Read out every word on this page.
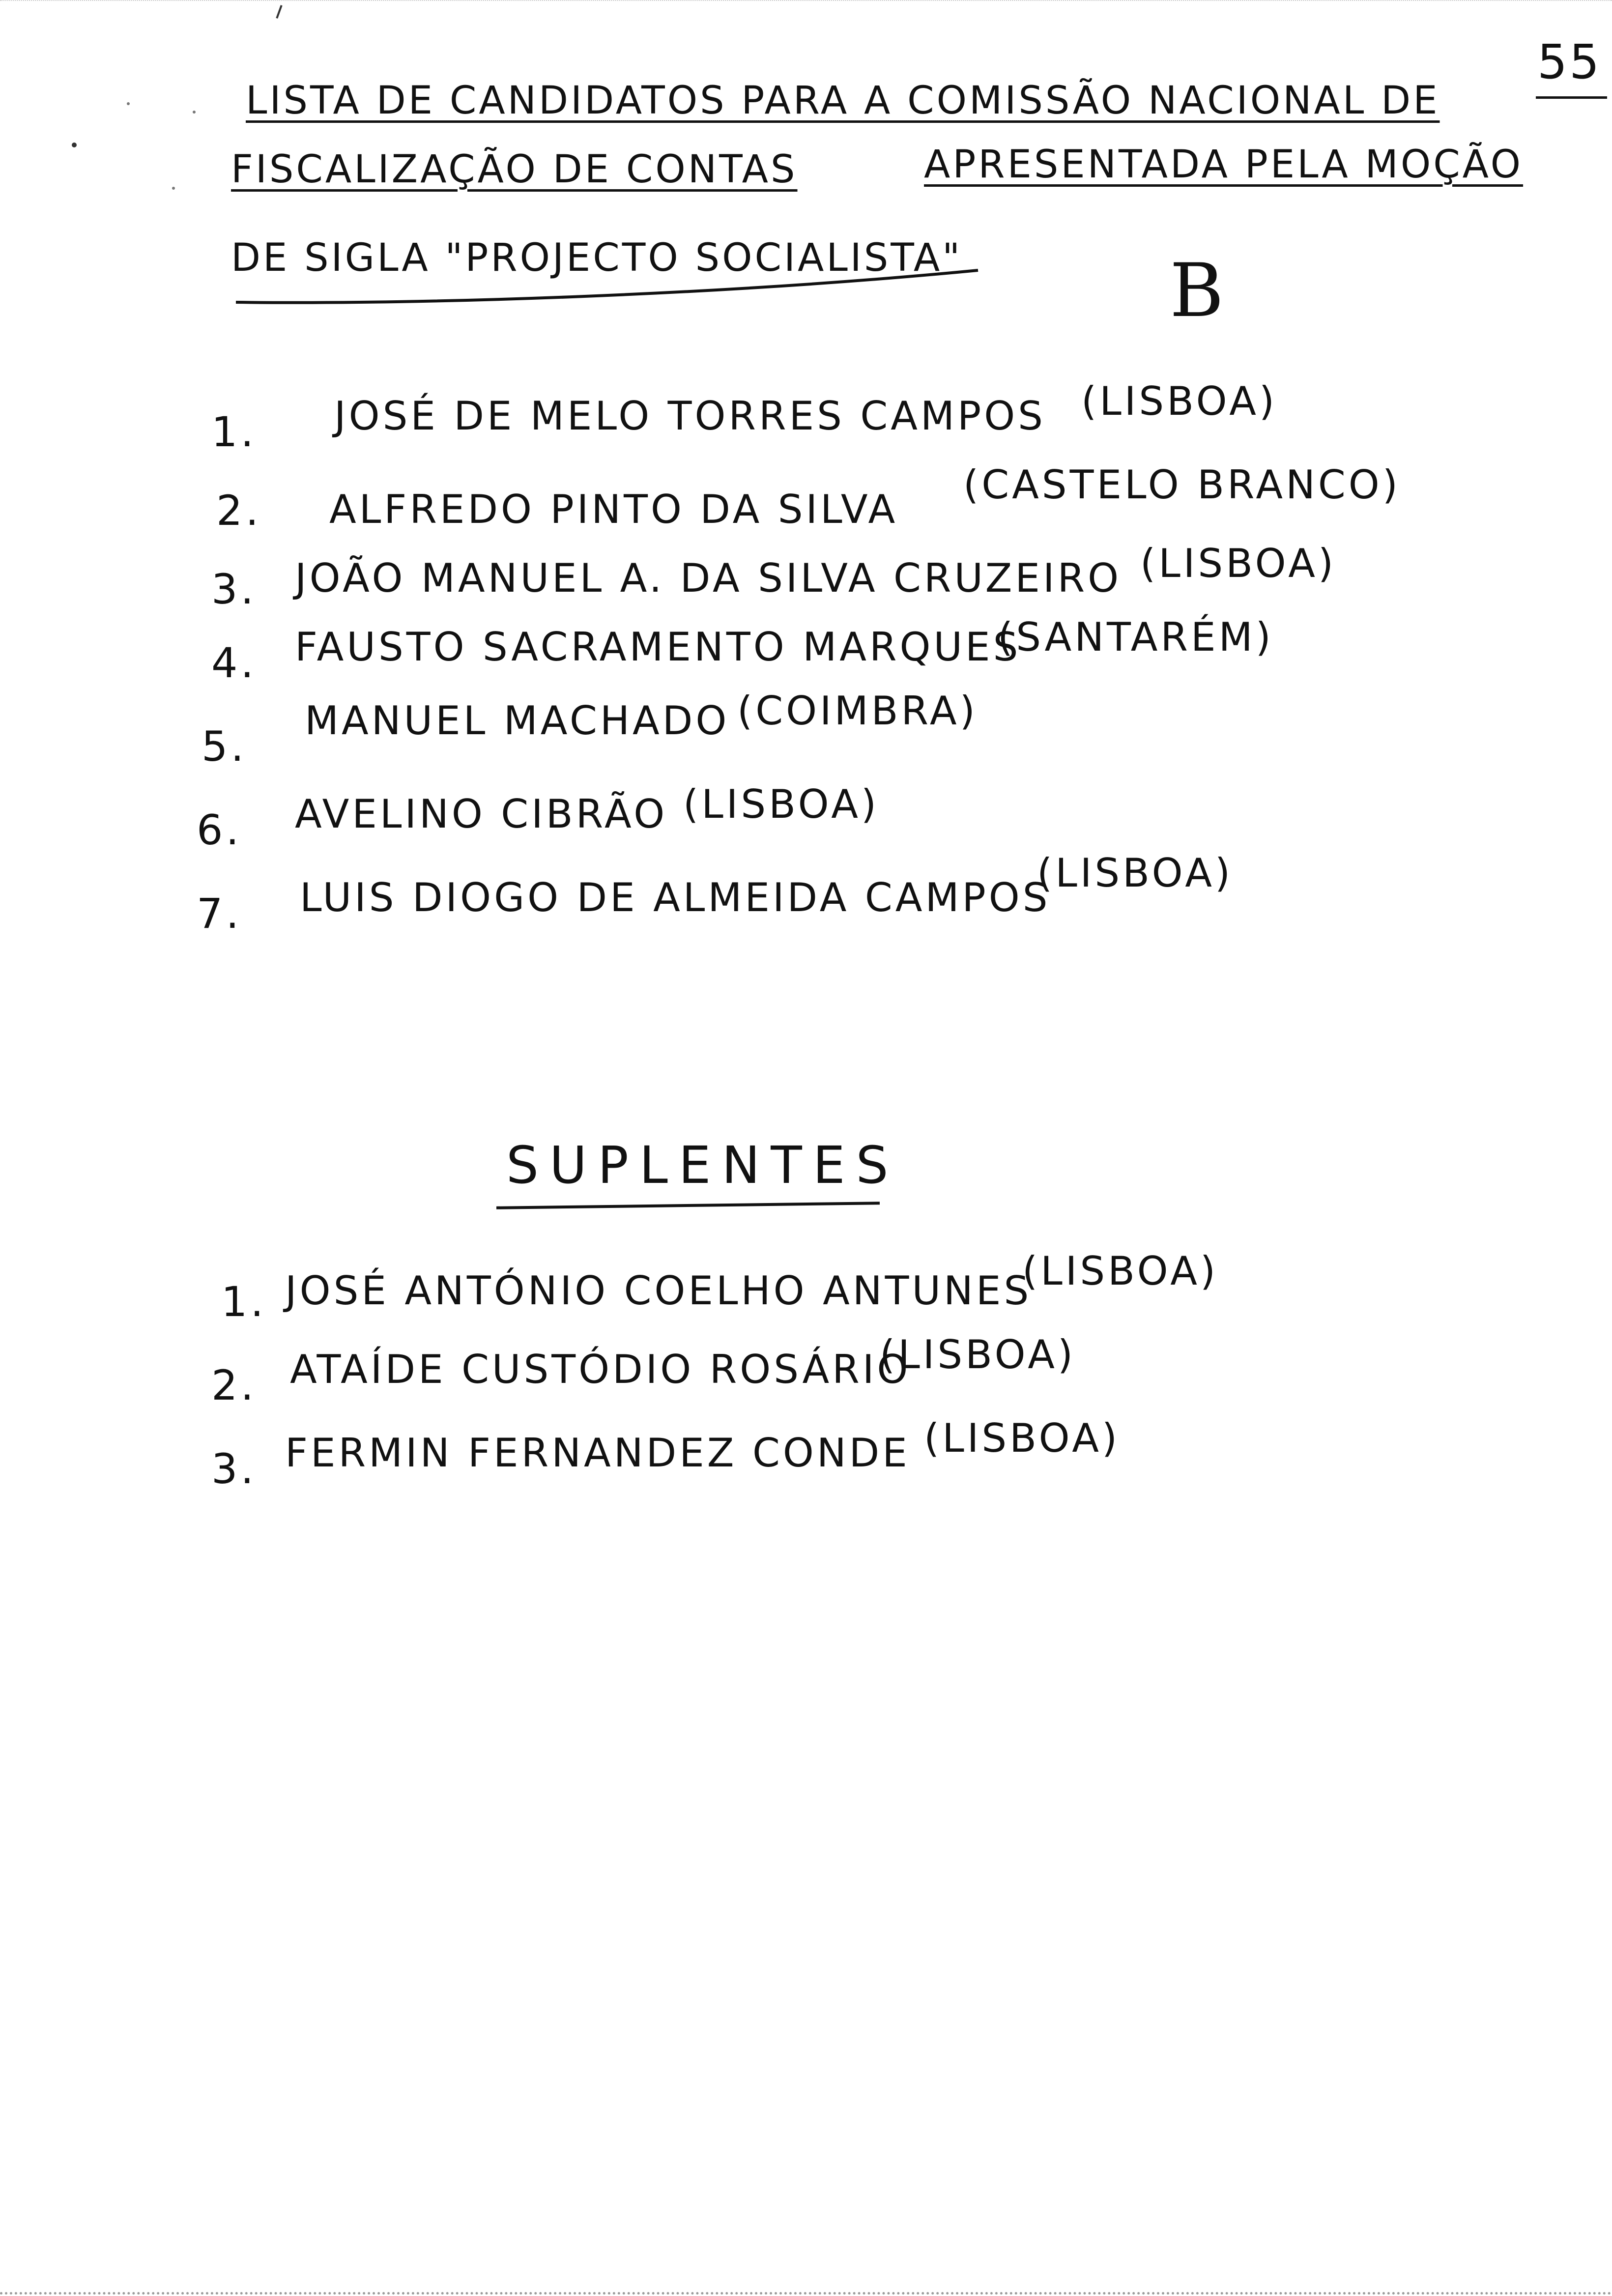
55
LISTA DE CANDIDATOS PARA A COMISSÃO NACIONAL DE
FISCALIZAÇÃO DE CONTAS	APRESENTADA PELA MOÇÃO
DE SIGLA "PROJECTO SOCIALISTA"	B
1. JOSÉ DE MELO TORRES CAMPOS (LISBOA)
2. ALFREDO PINTO DA SILVA
(CASTELO BRANCO)
3. JOÃO MANUEL A. DA SILVA CRUZEIRO (LISBOA)
4. FAUSTO SACRAMENTO MARQUES
(SANTARÉM)
5.
MANUEL MACHADO (COIMBRA)
6. AVELINO CIBRÃO (LISBOA)
7. LUIS DIOGO DE ALMEIDA CAMPOS
(LISBOA)
SUPLENTES
1. JOSÉ ANTÓNIO COELHO ANTUNES
(LISBOA)
2. ATAÍDE CUSTÓDIO ROSÁRIO
(LISBOA)
3. FERMIN FERNANDEZ CONDE (LISBOA)
